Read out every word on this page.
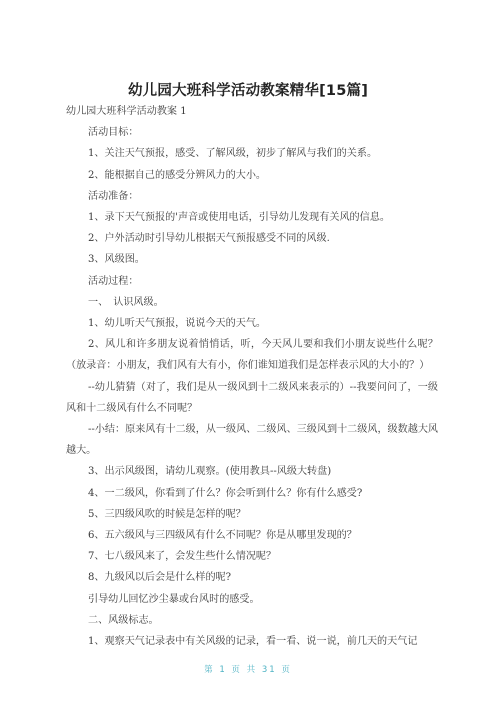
幼儿园大班科学活动教案精华[15篇]

幼儿园大班科学活动教案 1

活动目标：

1、关注天气预报，感受、了解风级，初步了解风与我们的关系。

2、能根据自己的感受分辨风力的大小。

活动准备：

1、录下天气预报的'声音或使用电话，引导幼儿发现有关风的信息。

2、户外活动时引导幼儿根据天气预报感受不同的风级.

3、风级图。

活动过程：

一、　认识风级。

1、幼儿听天气预报，说说今天的天气。

2、风儿和许多朋友说着悄悄话，听，今天风儿要和我们小朋友说些什么呢？（放录音：小朋友，我们风有大有小，你们谁知道我们是怎样表示风的大小的？）

--幼儿猜猜（对了，我们是从一级风到十二级风来表示的）--我要问问了，一级风和十二级风有什么不同呢？

--小结：原来风有十二级，从一级风、二级风、三级风到十二级风，级数越大风越大。

3、出示风级图，请幼儿观察。(使用教具--风级大转盘)

4、一二级风，你看到了什么？你会听到什么？你有什么感受?

5、三四级风吹的时候是怎样的呢？

6、五六级风与三四级风有什么不同呢？你是从哪里发现的？

7、七八级风来了，会发生些什么情况呢？

8、九级风以后会是什么样的呢?

引导幼儿回忆沙尘暴或台风时的感受。

二、风级标志。

1、观察天气记录表中有关风级的记录，看一看、说一说，前几天的天气记

第 1 页 共 31 页
